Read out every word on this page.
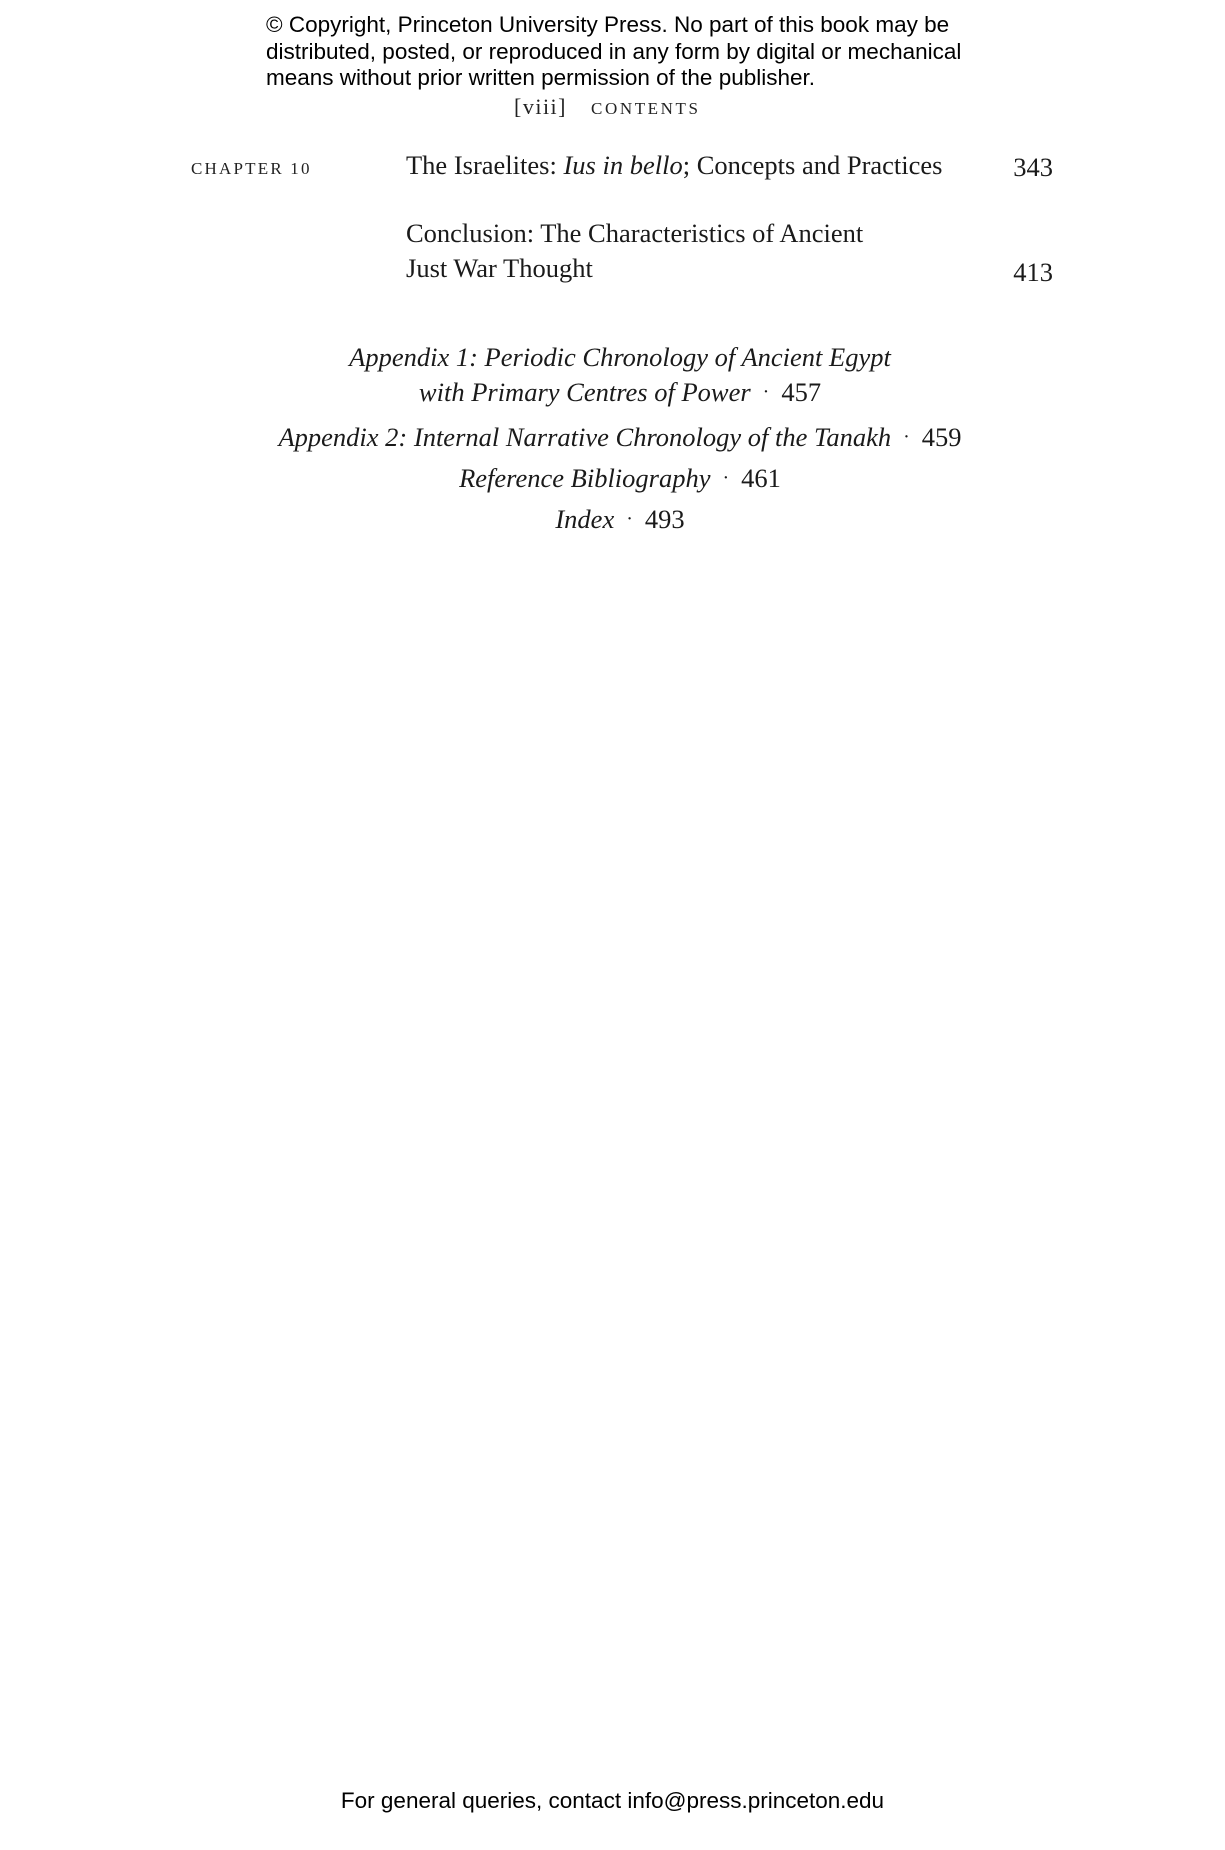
© Copyright, Princeton University Press. No part of this book may be
distributed, posted, or reproduced in any form by digital or mechanical
means without prior written permission of the publisher.
[viii] CONTENTS
CHAPTER 10	The Israelites: Ius in bello; Concepts and Practices	343
Conclusion: The Characteristics of Ancient
Just War Thought	413
Appendix 1: Periodic Chronology of Ancient Egypt
with Primary Centres of Power · 457
Appendix 2: Internal Narrative Chronology of the Tanakh · 459
Reference Bibliography · 461
Index · 493
For general queries, contact info@press.princeton.edu
